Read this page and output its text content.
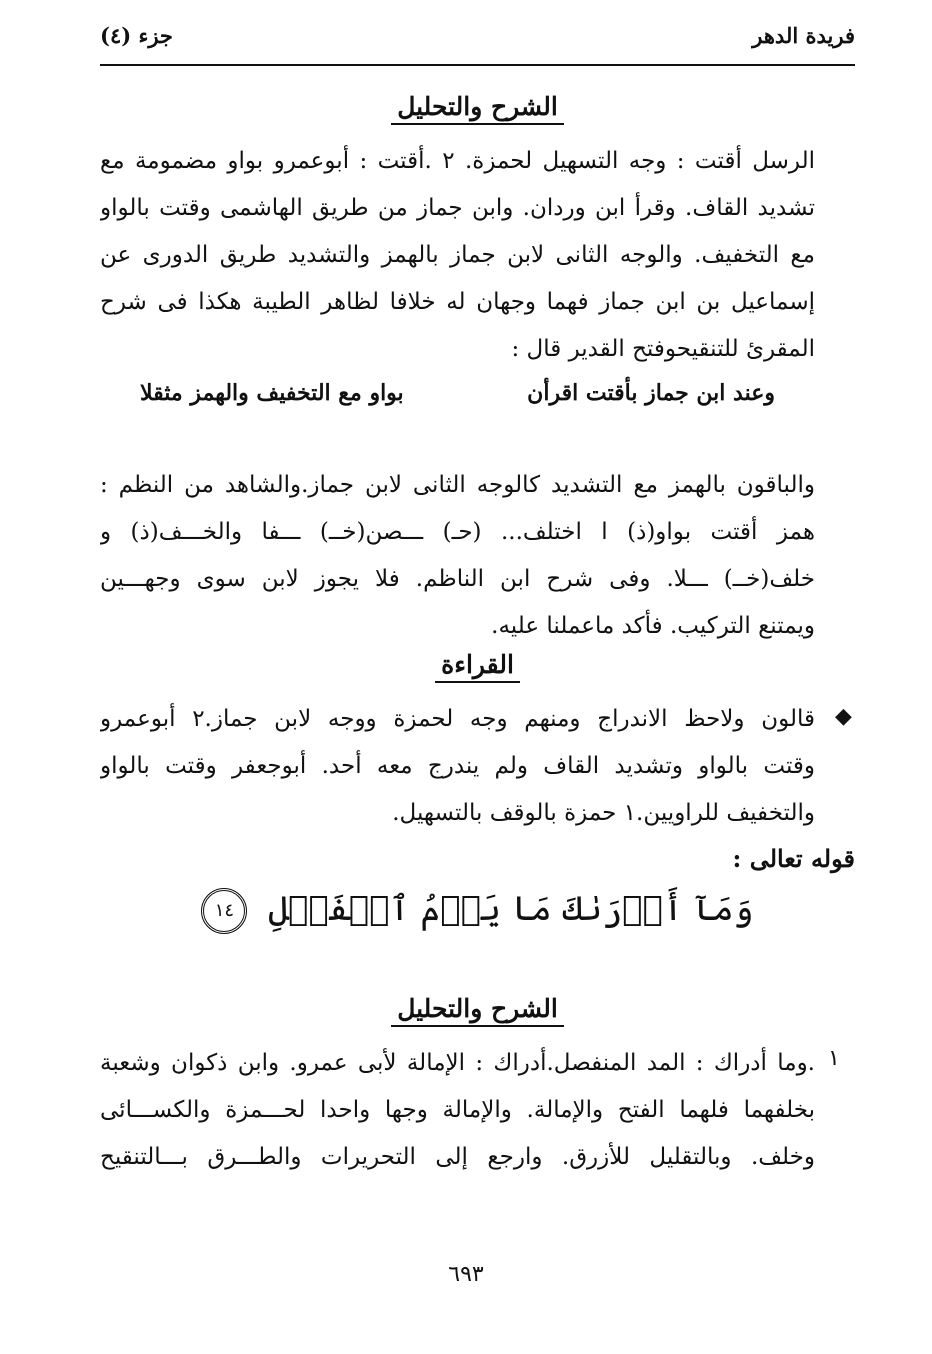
فريدة الدهر
جزء (٤)
الشرح والتحليل
الرسل أقتت : وجه التسهيل لحمزة. ٢ .أقتت : أبوعمرو بواو مضمومة مع
تشديد القاف. وقرأ ابن وردان. وابن جماز من طريق الهاشمى وقتت بالواو
مع التخفيف. والوجه الثانى لابن جماز بالهمز والتشديد طريق الدورى عن
إسماعيل بن ابن جماز فهما وجهان له خلافا لظاهر الطيبة هكذا فى شرح
المقرئ للتنقيحوفتح القدير قال :
وعند ابن جماز بأقتت اقرأن
بواو مع التخفيف والهمز مثقلا
والباقون بالهمز مع التشديد كالوجه الثانى لابن جماز.والشاهد من النظم :
همز أقتت بواو(ذ) ا اختلف... (حـ) ـــصن(خــ) ـــفا والخـــف(ذ) و
خلف(خــ) ـــلا. وفى شرح ابن الناظم. فلا يجوز لابن سوى وجهـــين
ويمتنع التركيب. فأكد ماعملنا عليه.
القراءة
◆
قالون ولاحظ الاندراج ومنهم وجه لحمزة ووجه لابن جماز.٢ أبوعمرو
وقتت بالواو وتشديد القاف ولم يندرج معه أحد. أبوجعفر وقتت بالواو
والتخفيف للراويين.١ حمزة بالوقف بالتسهيل.
قوله تعالى :
وَمَآ أَدۡرَىٰكَ مَا يَوۡمُ ٱلۡفَصۡلِ ١٤
الشرح والتحليل
١
.وما أدراك : المد المنفصل.أدراك : الإمالة لأبى عمرو. وابن ذكوان وشعبة
بخلفهما فلهما الفتح والإمالة. والإمالة وجها واحدا لحـــمزة والكســـائى
وخلف. وبالتقليل للأزرق. وارجع إلى التحريرات والطـــرق بـــالتنقيح
٦٩٣
